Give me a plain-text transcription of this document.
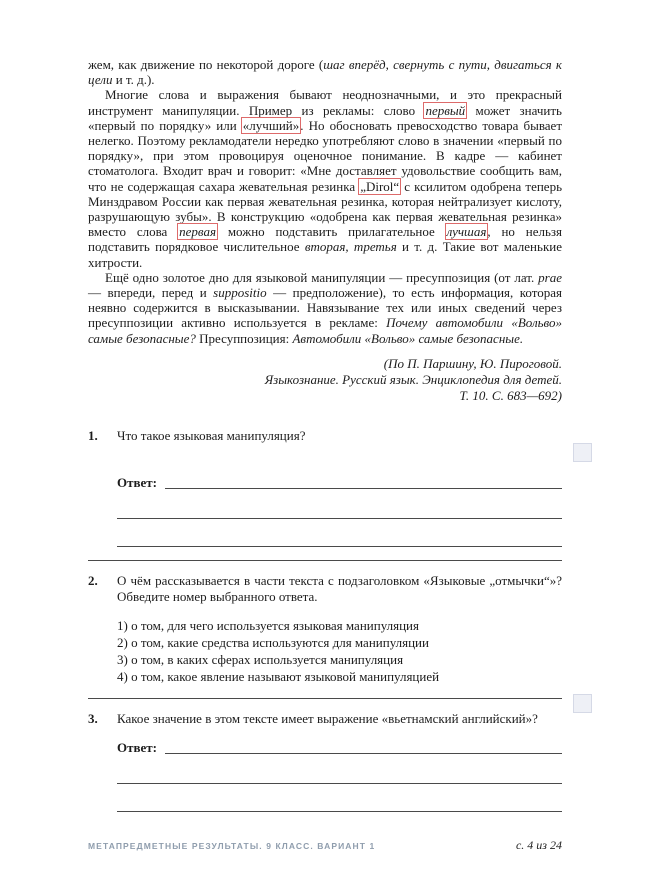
жем, как движение по некоторой дороге (шаг вперёд, свернуть с пути, двигаться к цели и т. д.).

Многие слова и выражения бывают неоднозначными, и это прекрасный инструмент манипуляции. Пример из рекламы: слово первый может значить «первый по порядку» или «лучший». Но обосновать превосходство товара бывает нелегко. Поэтому рекламодатели нередко употребляют слово в значении «первый по порядку», при этом провоцируя оценочное понимание. В кадре — кабинет стоматолога. Входит врач и говорит: «Мне доставляет удовольствие сообщить вам, что не содержащая сахара жевательная резинка „Dirol“ с ксилитом одобрена теперь Минздравом России как первая жевательная резинка, которая нейтрализует кислоту, разрушающую зубы». В конструкцию «одобрена как первая жевательная резинка» вместо слова первая можно подставить прилагательное лучшая, но нельзя подставить порядковое числительное вторая, третья и т. д. Такие вот маленькие хитрости.

Ещё одно золотое дно для языковой манипуляции — пресуппозиция (от лат. prae — впереди, перед и suppositio — предположение), то есть информация, которая неявно содержится в высказывании. Навязывание тех или иных сведений через пресуппозиции активно используется в рекламе: Почему автомобили «Вольво» самые безопасные? Пресуппозиция: Автомобили «Вольво» самые безопасные.

(По П. Паршину, Ю. Пироговой.
Языкознание. Русский язык. Энциклопедия для детей.
Т. 10. С. 683—692)
1.	Что такое языковая манипуляция?

Ответ:
2.	О чём рассказывается в части текста с подзаголовком «Языковые „отмычки“»? Обведите номер выбранного ответа.

1) о том, для чего используется языковая манипуляция
2) о том, какие средства используются для манипуляции
3) о том, в каких сферах используется манипуляция
4) о том, какое явление называют языковой манипуляцией
3.	Какое значение в этом тексте имеет выражение «вьетнамский английский»?

Ответ:
МЕТАПРЕДМЕТНЫЕ РЕЗУЛЬТАТЫ. 9 КЛАСС. ВАРИАНТ 1	с. 4 из 24
